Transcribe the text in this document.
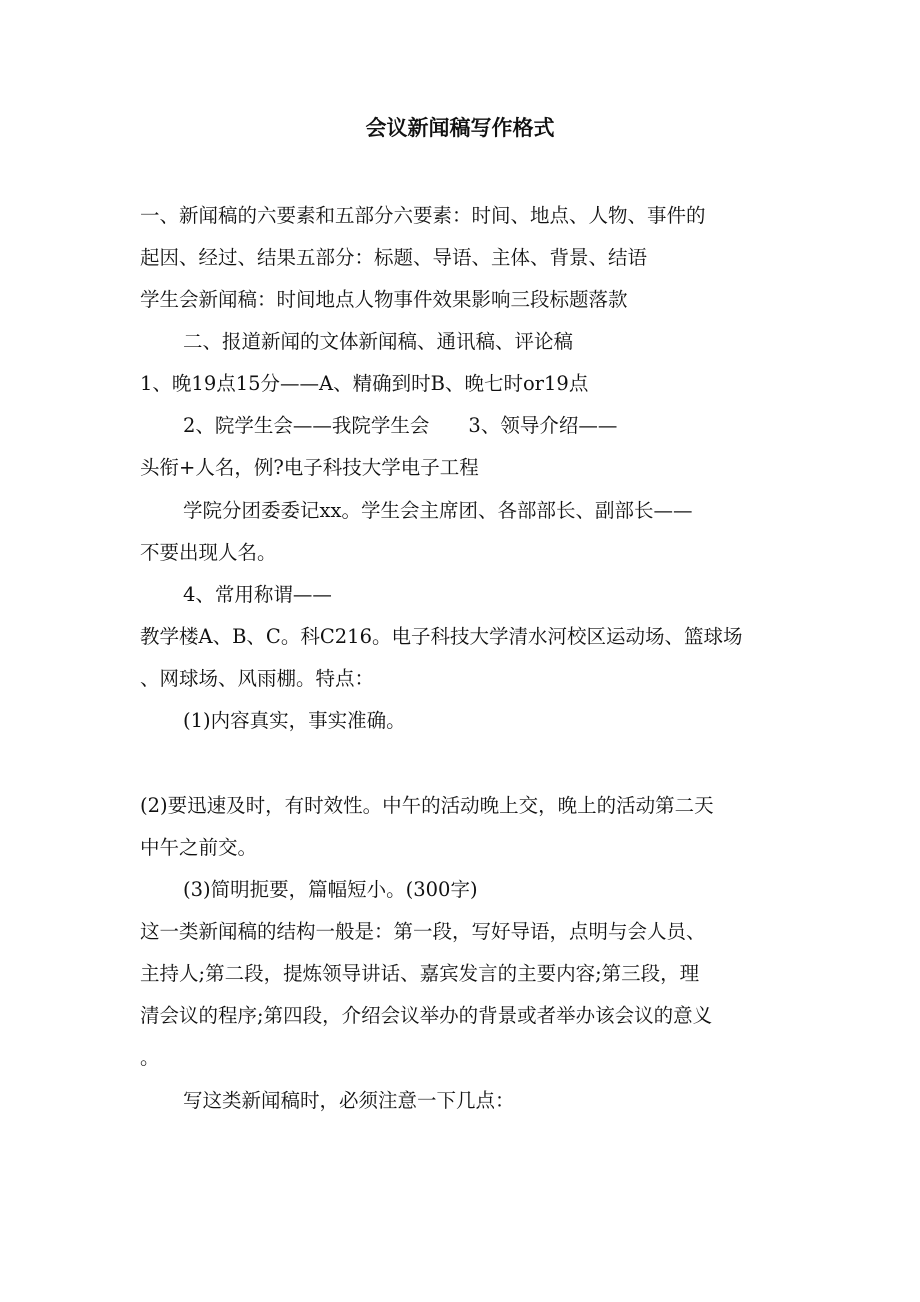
会议新闻稿写作格式

一、新闻稿的六要素和五部分六要素：时间、地点、人物、事件的

起因、经过、结果五部分：标题、导语、主体、背景、结语

学生会新闻稿：时间地点人物事件效果影响三段标题落款

二、报道新闻的文体新闻稿、通讯稿、评论稿

1、晚19点15分——A、精确到时B、晚七时or19点

2、院学生会——我院学生会　　3、领导介绍——

头衔+人名，例?电子科技大学电子工程

学院分团委委记xx。学生会主席团、各部部长、副部长——

不要出现人名。

4、常用称谓——

教学楼A、B、C。科C216。电子科技大学清水河校区运动场、篮球场

、网球场、风雨棚。特点：

(1)内容真实，事实准确。

(2)要迅速及时，有时效性。中午的活动晚上交，晚上的活动第二天

中午之前交。

(3)简明扼要，篇幅短小。(300字)

这一类新闻稿的结构一般是：第一段，写好导语，点明与会人员、

主持人;第二段，提炼领导讲话、嘉宾发言的主要内容;第三段，理

清会议的程序;第四段，介绍会议举办的背景或者举办该会议的意义

。

写这类新闻稿时，必须注意一下几点：
